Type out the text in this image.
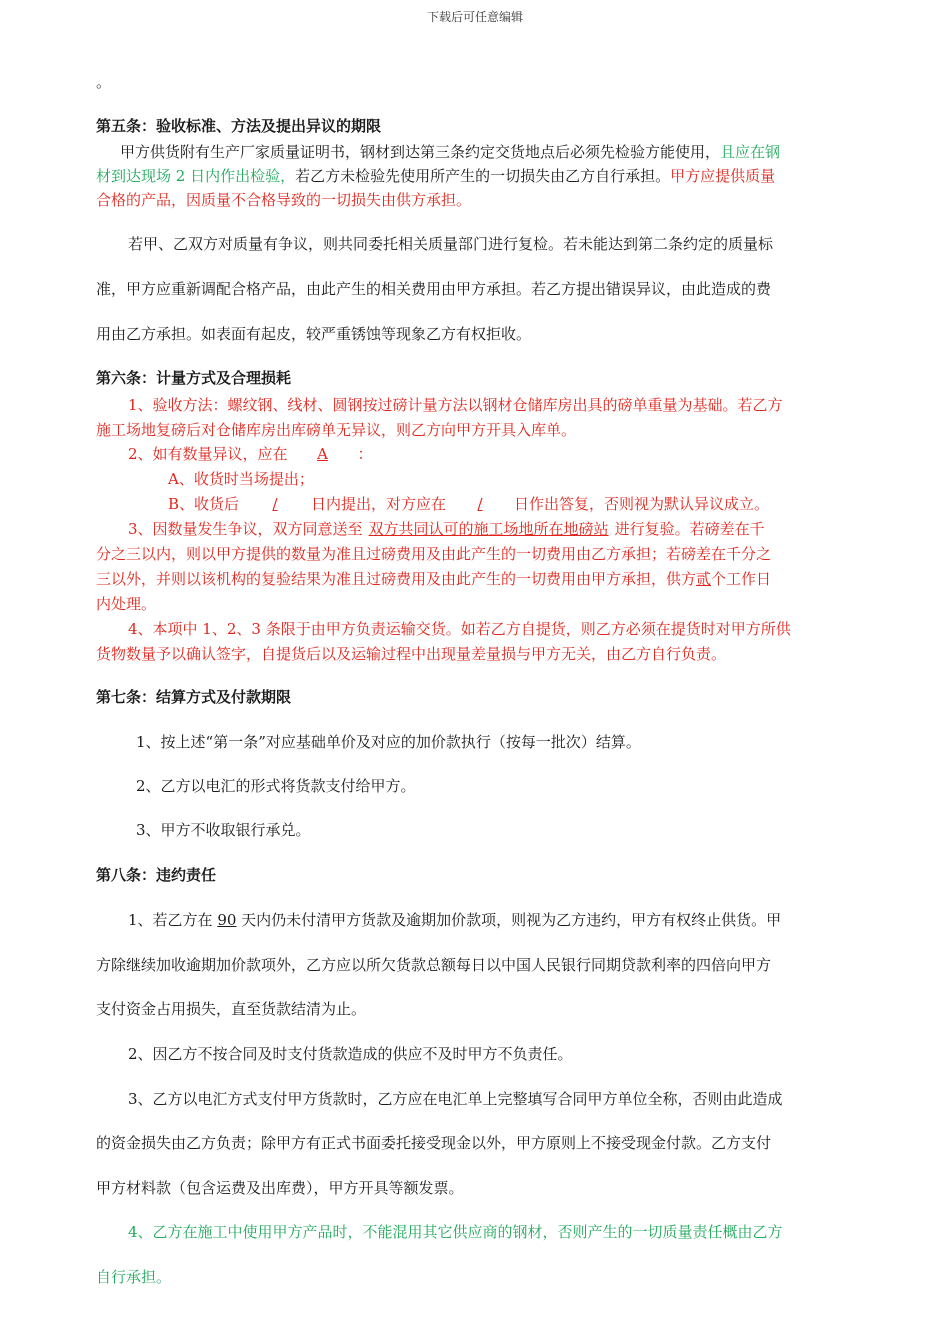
下载后可任意编辑
。
第五条：验收标准、方法及提出异议的期限
甲方供货附有生产厂家质量证明书，钢材到达第三条约定交货地点后必须先检验方能使用，且应在钢
材到达现场 2 日内作出检验，若乙方未检验先使用所产生的一切损失由乙方自行承担。甲方应提供质量
合格的产品，因质量不合格导致的一切损失由供方承担。
若甲、乙双方对质量有争议，则共同委托相关质量部门进行复检。若未能达到第二条约定的质量标
准，甲方应重新调配合格产品，由此产生的相关费用由甲方承担。若乙方提出错误异议，由此造成的费
用由乙方承担。如表面有起皮，较严重锈蚀等现象乙方有权拒收。
第六条：计量方式及合理损耗
1、验收方法：螺纹钢、线材、圆钢按过磅计量方法以钢材仓储库房出具的磅单重量为基础。若乙方
施工场地复磅后对仓储库房出库磅单无异议，则乙方向甲方开具入库单。
2、如有数量异议，应在 A ：
A、收货时当场提出；
B、收货后 / 日内提出，对方应在 / 日作出答复，否则视为默认异议成立。
3、因数量发生争议，双方同意送至 双方共同认可的施工场地所在地磅站 进行复验。若磅差在千
分之三以内，则以甲方提供的数量为准且过磅费用及由此产生的一切费用由乙方承担；若磅差在千分之
三以外，并则以该机构的复验结果为准且过磅费用及由此产生的一切费用由甲方承担，供方贰个工作日
内处理。
4、本项中 1、2、3 条限于由甲方负责运输交货。如若乙方自提货，则乙方必须在提货时对甲方所供
货物数量予以确认签字，自提货后以及运输过程中出现量差量损与甲方无关，由乙方自行负责。
第七条：结算方式及付款期限
1、按上述“第一条”对应基础单价及对应的加价款执行（按每一批次）结算。
2、乙方以电汇的形式将货款支付给甲方。
3、甲方不收取银行承兑。
第八条：违约责任
1、若乙方在 90 天内仍未付清甲方货款及逾期加价款项，则视为乙方违约，甲方有权终止供货。甲
方除继续加收逾期加价款项外，乙方应以所欠货款总额每日以中国人民银行同期贷款利率的四倍向甲方
支付资金占用损失，直至货款结清为止。
2、因乙方不按合同及时支付货款造成的供应不及时甲方不负责任。
3、乙方以电汇方式支付甲方货款时，乙方应在电汇单上完整填写合同甲方单位全称，否则由此造成
的资金损失由乙方负责；除甲方有正式书面委托接受现金以外，甲方原则上不接受现金付款。乙方支付
甲方材料款（包含运费及出库费），甲方开具等额发票。
4、乙方在施工中使用甲方产品时，不能混用其它供应商的钢材，否则产生的一切质量责任概由乙方
自行承担。
